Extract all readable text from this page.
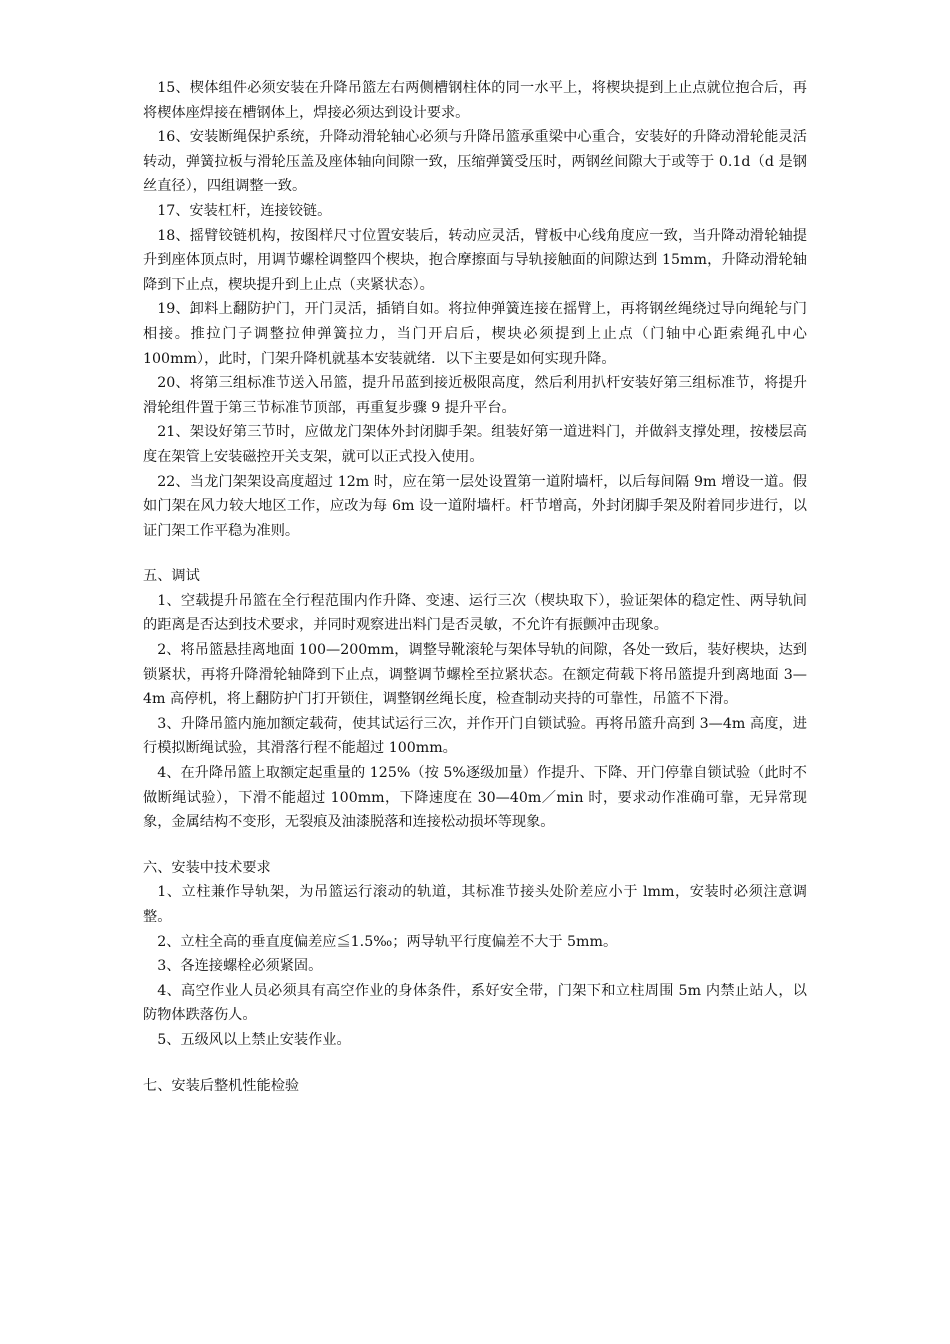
15、楔体组件必须安装在升降吊篮左右两侧槽钢柱体的同一水平上，将楔块提到上止点就位抱合后，再将楔体座焊接在槽钢体上，焊接必须达到设计要求。

16、安装断绳保护系统，升降动滑轮轴心必须与升降吊篮承重梁中心重合，安装好的升降动滑轮能灵活转动，弹簧拉板与滑轮压盖及座体轴向间隙一致，压缩弹簧受压时，两钢丝间隙大于或等于 0.1d（d 是钢丝直径），四组调整一致。

17、安装杠杆，连接铰链。

18、摇臂铰链机构，按图样尺寸位置安装后，转动应灵活，臂板中心线角度应一致，当升降动滑轮轴提升到座体顶点时，用调节螺栓调整四个楔块，抱合摩擦面与导轨接触面的间隙达到 15mm，升降动滑轮轴降到下止点，楔块提升到上止点（夹紧状态）。

19、卸料上翻防护门，开门灵活，插销自如。将拉伸弹簧连接在摇臂上，再将钢丝绳绕过导向绳轮与门相接。推拉门子调整拉伸弹簧拉力，当门开启后，楔块必须提到上止点（门轴中心距索绳孔中心 100mm），此时，门架升降机就基本安装就绪．以下主要是如何实现升降。

20、将第三组标准节送入吊篮，提升吊蓝到接近极限高度，然后利用扒杆安装好第三组标准节，将提升滑轮组件置于第三节标准节顶部，再重复步骤 9 提升平台。

21、架设好第三节时，应做龙门架体外封闭脚手架。组装好第一道进料门，并做斜支撑处理，按楼层高度在架管上安装磁控开关支架，就可以正式投入使用。

22、当龙门架架设高度超过 12m 时，应在第一层处设置第一道附墙杆，以后每间隔 9m 增设一道。假如门架在风力较大地区工作，应改为每 6m 设一道附墙杆。杆节增高，外封闭脚手架及附着同步进行，以证门架工作平稳为准则。

五、调试

1、空载提升吊篮在全行程范围内作升降、变速、运行三次（楔块取下），验证架体的稳定性、两导轨间的距离是否达到技术要求，并同时观察进出料门是否灵敏，不允许有振颤冲击现象。

2、将吊篮悬挂离地面 100—200mm，调整导靴滚轮与架体导轨的间隙，各处一致后，装好楔块，达到锁紧状，再将升降滑轮轴降到下止点，调整调节螺栓至拉紧状态。在额定荷载下将吊篮提升到离地面 3—4m 高停机，将上翻防护门打开锁住，调整钢丝绳长度，检查制动夹持的可靠性，吊篮不下滑。

3、升降吊篮内施加额定载荷，使其试运行三次，并作开门自锁试验。再将吊篮升高到 3—4m 高度，进行模拟断绳试验，其滑落行程不能超过 100mm。

4、在升降吊篮上取额定起重量的 125%（按 5%逐级加量）作提升、下降、开门停靠自锁试验（此时不做断绳试验），下滑不能超过 100mm，下降速度在 30—40m／min 时，要求动作准确可靠，无异常现象，金属结构不变形，无裂痕及油漆脱落和连接松动损坏等现象。

六、安装中技术要求

1、立柱兼作导轨架，为吊篮运行滚动的轨道，其标准节接头处阶差应小于 lmm，安装时必须注意调整。

2、立柱全高的垂直度偏差应≦1.5‰；两导轨平行度偏差不大于 5mm。

3、各连接螺栓必须紧固。

4、高空作业人员必须具有高空作业的身体条件，系好安全带，门架下和立柱周围 5m 内禁止站人，以防物体跌落伤人。

5、五级风以上禁止安装作业。

七、安装后整机性能检验
